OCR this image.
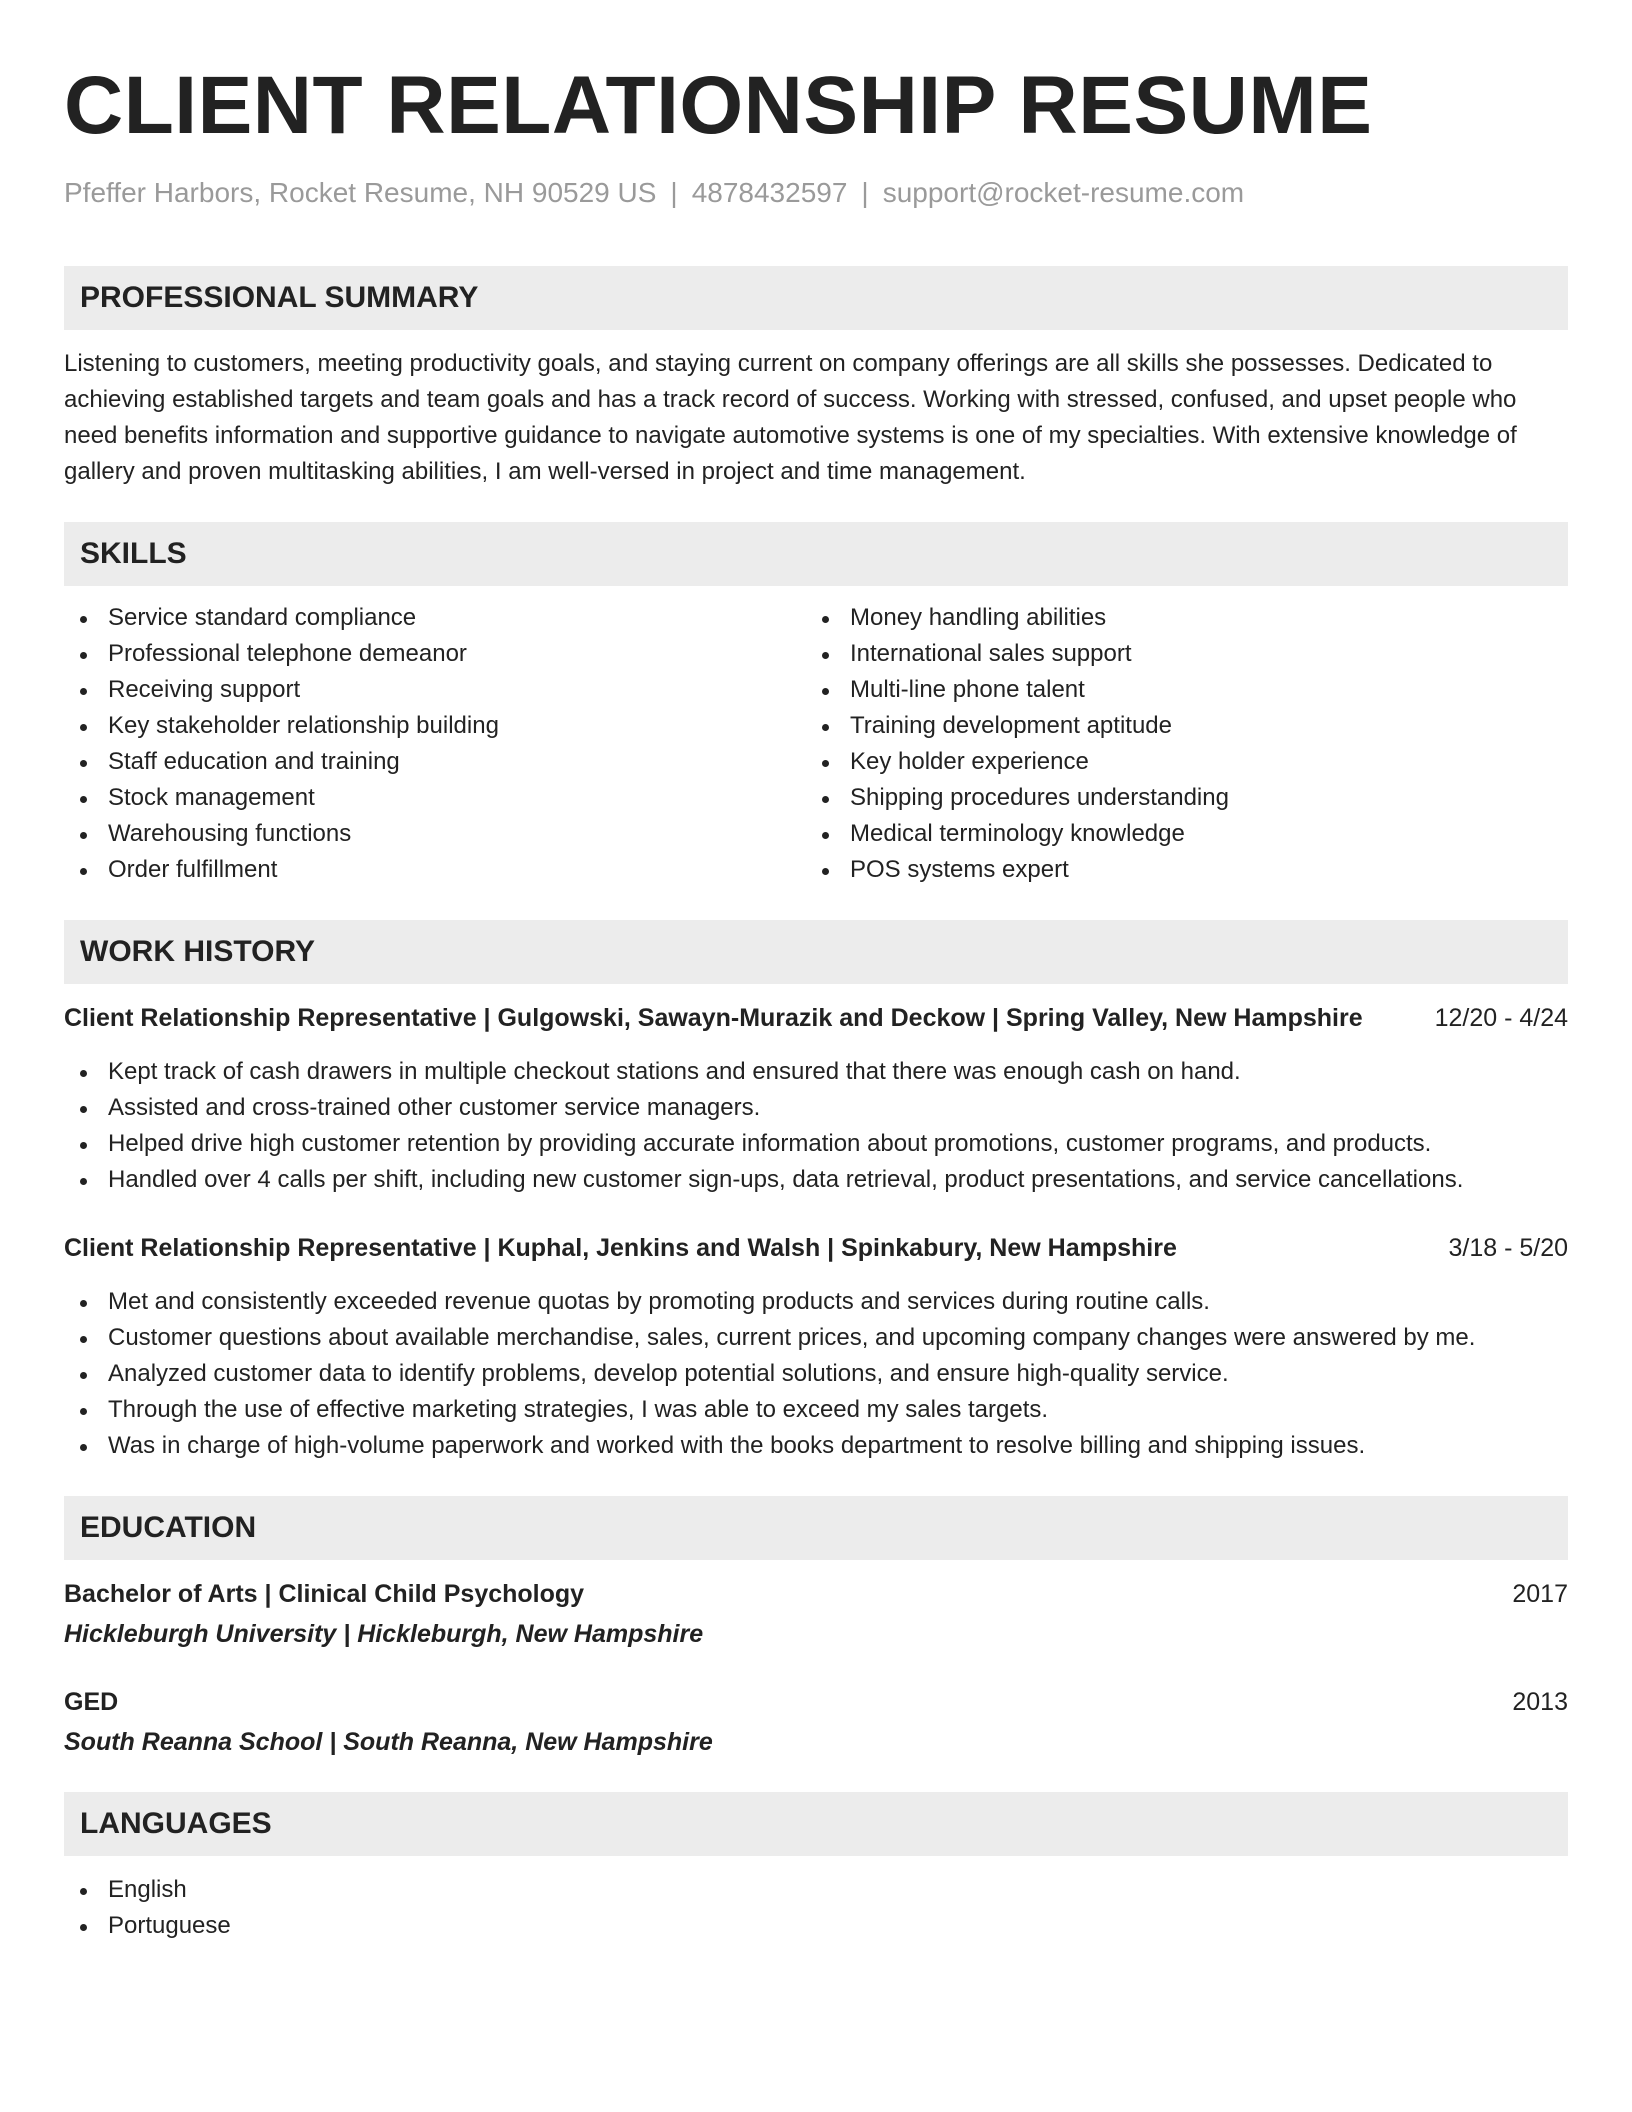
CLIENT RELATIONSHIP RESUME
Pfeffer Harbors, Rocket Resume, NH 90529 US | 4878432597 | support@rocket-resume.com
PROFESSIONAL SUMMARY
Listening to customers, meeting productivity goals, and staying current on company offerings are all skills she possesses. Dedicated to achieving established targets and team goals and has a track record of success. Working with stressed, confused, and upset people who need benefits information and supportive guidance to navigate automotive systems is one of my specialties. With extensive knowledge of gallery and proven multitasking abilities, I am well-versed in project and time management.
SKILLS
Service standard compliance
Professional telephone demeanor
Receiving support
Key stakeholder relationship building
Staff education and training
Stock management
Warehousing functions
Order fulfillment
Money handling abilities
International sales support
Multi-line phone talent
Training development aptitude
Key holder experience
Shipping procedures understanding
Medical terminology knowledge
POS systems expert
WORK HISTORY
Client Relationship Representative | Gulgowski, Sawayn-Murazik and Deckow | Spring Valley, New Hampshire	12/20 - 4/24
Kept track of cash drawers in multiple checkout stations and ensured that there was enough cash on hand.
Assisted and cross-trained other customer service managers.
Helped drive high customer retention by providing accurate information about promotions, customer programs, and products.
Handled over 4 calls per shift, including new customer sign-ups, data retrieval, product presentations, and service cancellations.
Client Relationship Representative | Kuphal, Jenkins and Walsh | Spinkabury, New Hampshire	3/18 - 5/20
Met and consistently exceeded revenue quotas by promoting products and services during routine calls.
Customer questions about available merchandise, sales, current prices, and upcoming company changes were answered by me.
Analyzed customer data to identify problems, develop potential solutions, and ensure high-quality service.
Through the use of effective marketing strategies, I was able to exceed my sales targets.
Was in charge of high-volume paperwork and worked with the books department to resolve billing and shipping issues.
EDUCATION
Bachelor of Arts | Clinical Child Psychology	2017
Hickleburgh University | Hickleburgh, New Hampshire
GED	2013
South Reanna School | South Reanna, New Hampshire
LANGUAGES
English
Portuguese
